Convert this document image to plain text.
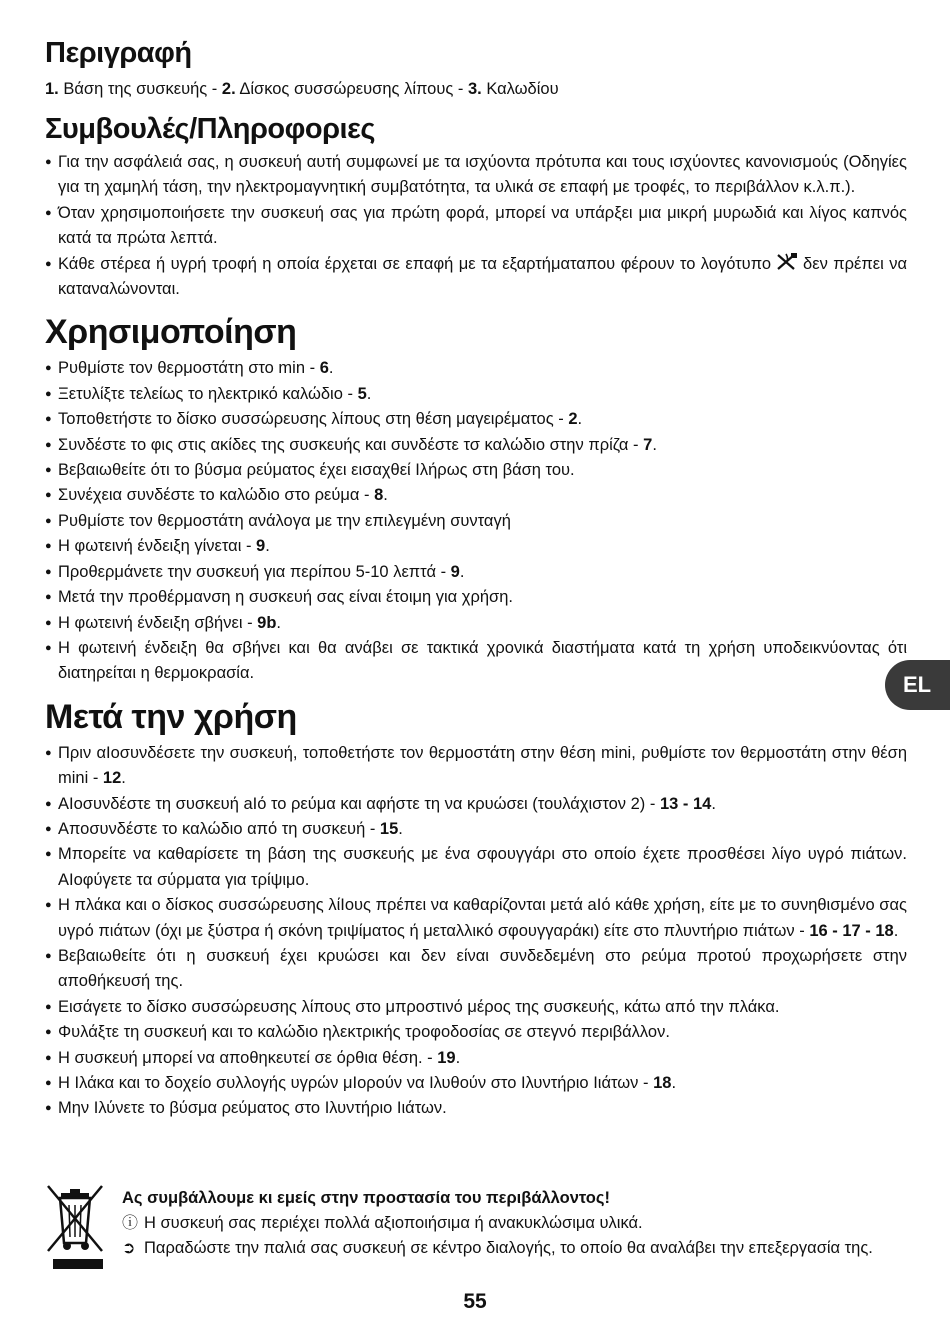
Περιγραφή
1. Βάση της συσκευής - 2. Δίσκος συσσώρευσης λίπους - 3. Καλωδίου
Συμβουλές/Πληροφοριες
● Για την ασφάλειά σας, η συσκευή αυτή συμφωνεί με τα ισχύοντα πρότυπα και τους ισχύοντες κανονισμούς (Οδηγίες για τη χαμηλή τάση, την ηλεκτρομαγνητική συμβατότητα, τα υλικά σε επαφή με τροφές, το περιβάλλον κ.λ.π.).
● Όταν χρησιμοποιήσετε την συσκευή σας για πρώτη φορά, μπορεί να υπάρξει μια μικρή μυρωδιά και λίγος καπνός κατά τα πρώτα λεπτά.
● Κάθε στέρεα ή υγρή τροφή η οποία έρχεται σε επαφή με τα εξαρτήματαπου φέρουν το λογότυπο δεν πρέπει να καταναλώνονται.
Χρησιμοποίηση
● Ρυθμίστε τον θερμοστάτη στο min - 6.
● Ξετυλίξτε τελείως το ηλεκτρικό καλώδιο - 5.
● Τοποθετήστε το δίσκο συσσώρευσης λίπους στη θέση μαγειρέματος - 2.
● Συνδέστε το φις στις ακίδες της συσκευής και συνδέστε τσ καλώδιο στην πρίζα - 7.
● Βεβαιωθείτε ότι το βύσμα ρεύματος έχει εισαχθεί Ιλήρως στη βάση του.
● Συνέχεια συνδέστε το καλώδιο στο ρεύμα - 8.
● Ρυθμίστε τον θερμοστάτη ανάλογα με την επιλεγμένη συνταγή
● Η φωτεινή ένδειξη γίνεται - 9.
● Προθερμάνετε την συσκευή για περίπου 5-10 λεπτά - 9.
● Μετά την προθέρμανση η συσκευή σας είναι έτοιμη για χρήση.
● Η φωτεινή ένδειξη σβήνει - 9b.
● Η φωτεινή ένδειξη θα σβήνει και θα ανάβει σε τακτικά χρονικά διαστήματα κατά τη χρήση υποδεικνύοντας ότι διατηρείται η θερμοκρασία.
Μετά την χρήση
● Πριν αIοσυνδέσετε την συσκευή, τοποθετήστε τον θερμοστάτη στην θέση mini, ρυθμίστε τον θερμοστάτη στην θέση mini - 12.
● AIοσυνδέστε τη συσκευή aIό το ρεύμα και αφήστε τη να κρυώσει (τουλάχιστον 2) - 13 - 14.
● Αποσυνδέστε το καλώδιο από τη συσκευή - 15.
● Μπορείτε να καθαρίσετε τη βάση της συσκευής με ένα σφουγγάρι στο οποίο έχετε προσθέσει λίγο υγρό πιάτων. AIοφύγετε τα σύρματα για τρίψιμο.
● Η πλάκα και ο δίσκος συσσώρευσης λίIους πρέπει να καθαρίζονται μετά aIό κάθε χρήση, είτε με το συνηθισμένο σας υγρό πιάτων (όχι με ξύστρα ή σκόνη τριψίματος ή μεταλλικό σφουγγαράκι) είτε στο πλυντήριο πιάτων - 16 - 17 - 18.
● Βεβαιωθείτε ότι η συσκευή έχει κρυώσει και δεν είναι συνδεδεμένη στο ρεύμα προτού προχωρήσετε στην αποθήκευσή της.
● Εισάγετε το δίσκο συσσώρευσης λίπους στο μπροστινό μέρος της συσκευής, κάτω από την πλάκα.
● Φυλάξτε τη συσκευή και το καλώδιο ηλεκτρικής τροφοδοσίας σε στεγνό περιβάλλον.
● Η συσκευή μπορεί να αποθηκευτεί σε όρθια θέση. - 19.
● Η Ιλάκα και το δοχείο συλλογής υγρών μIορούν να Ιλυθούν στο Ιλυντήριο Ιιάτων - 18.
● Μην Ιλύνετε το βύσμα ρεύματος στο Ιλυντήριο Ιιάτων.
EL
Ας συμβάλλουμε κι εμείς στην προστασία του περιβάλλοντος!
ⓘ Η συσκευή σας περιέχει πολλά αξιοποιήσιμα ή ανακυκλώσιμα υλικά.
➲ Παραδώστε την παλιά σας συσκευή σε κέντρο διαλογής, το οποίο θα αναλάβει την επεξεργασία της.
55
